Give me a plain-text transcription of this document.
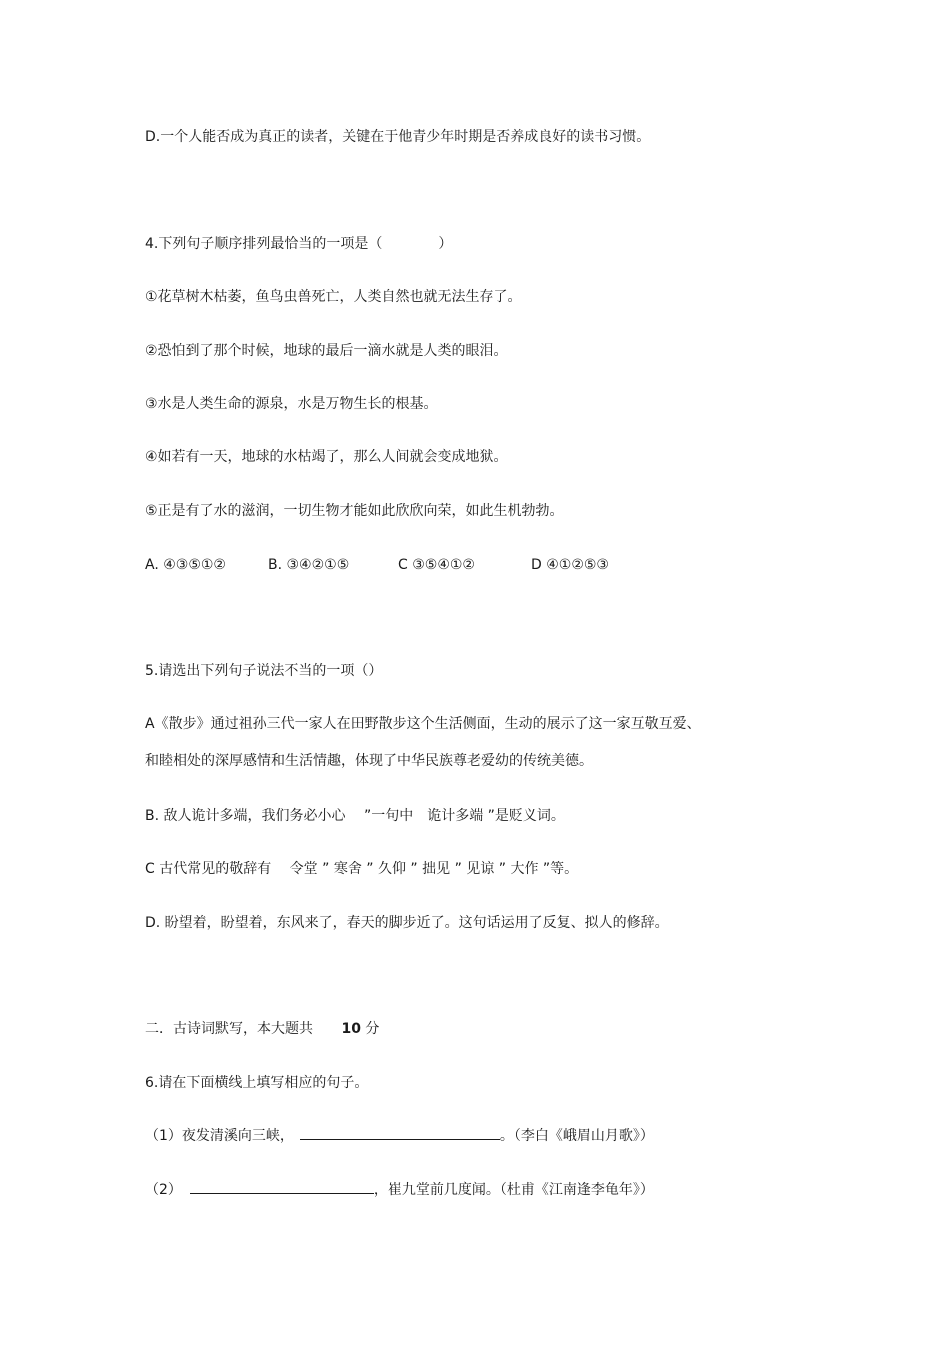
D.一个人能否成为真正的读者，关键在于他青少年时期是否养成良好的读书习惯。
4.下列句子顺序排列最恰当的一项是（　　　　）
①花草树木枯萎，鱼鸟虫兽死亡，人类自然也就无法生存了。
②恐怕到了那个时候，地球的最后一滴水就是人类的眼泪。
③水是人类生命的源泉，水是万物生长的根基。
④如若有一天，地球的水枯竭了，那么人间就会变成地狱。
⑤正是有了水的滋润，一切生物才能如此欣欣向荣，如此生机勃勃。
A. ④③⑤①②	B. ③④②①⑤	C ③⑤④①②	D ④①②⑤③
5.请选出下列句子说法不当的一项（）
A《散步》通过祖孙三代一家人在田野散步这个生活侧面，生动的展示了这一家互敬互爱、
和睦相处的深厚感情和生活情趣，体现了中华民族尊老爱幼的传统美德。
B. 敌人诡计多端，我们务必小心　 ”一句中　诡计多端 ”是贬义词。
C 古代常见的敬辞有　 令堂 ” 寒舍 ” 久仰 ” 拙见 ” 见谅 ” 大作 ”等。
D. 盼望着，盼望着，东风来了，春天的脚步近了。这句话运用了反复、拟人的修辞。
二．古诗词默写，本大题共 10 分
6.请在下面横线上填写相应的句子。
（1）夜发清溪向三峡，	。（李白《峨眉山月歌》）
（2）	，崔九堂前几度闻。（杜甫《江南逢李龟年》）
